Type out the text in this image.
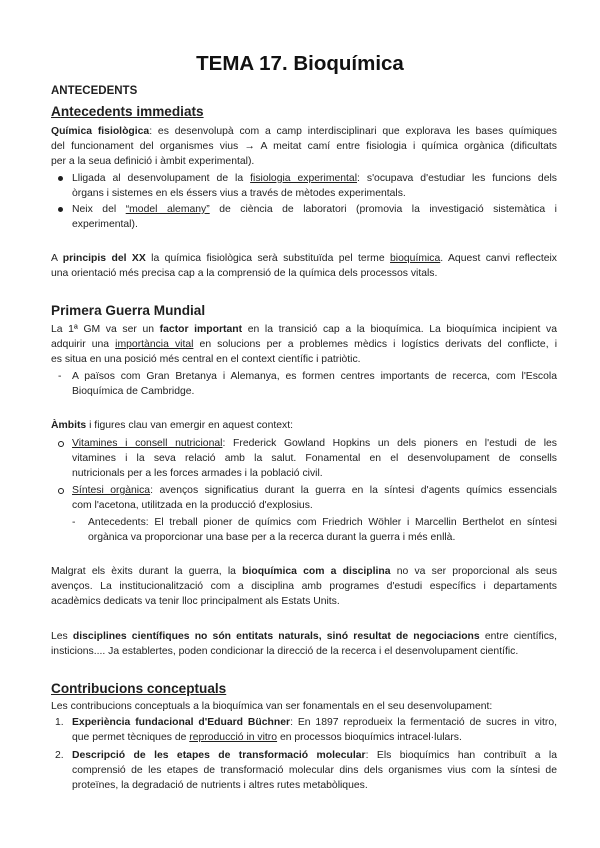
TEMA 17. Bioquímica
ANTECEDENTS
Antecedents immediats
Química fisiològica: es desenvolupà com a camp interdisciplinari que explorava les bases químiques
del funcionament del organismes vius → A meitat camí entre fisiologia i química orgànica (dificultats
per a la seua definició i àmbit experimental).
Lligada al desenvolupament de la fisiologia experimental: s'ocupava d'estudiar les funcions dels
òrgans i sistemes en els éssers vius a través de mètodes experimentals.
Neix del “model alemany” de ciència de laboratori (promovia la investigació sistemàtica i
experimental).
A principis del XX la química fisiològica serà substituïda pel terme bioquímica. Aquest canvi reflecteix
una orientació més precisa cap a la comprensió de la química dels processos vitals.
Primera Guerra Mundial
La 1ª GM va ser un factor important en la transició cap a la bioquímica. La bioquímica incipient va
adquirir una importància vital en solucions per a problemes mèdics i logístics derivats del conflicte, i
es situa en una posició més central en el context científic i patriòtic.
- A països com Gran Bretanya i Alemanya, es formen centres importants de recerca, com l'Escola
Bioquímica de Cambridge.
Àmbits i figures clau van emergir en aquest context:
Vitamines i consell nutricional: Frederick Gowland Hopkins un dels pioners en l'estudi de les
vitamines i la seva relació amb la salut. Fonamental en el desenvolupament de consells
nutricionals per a les forces armades i la població civil.
Síntesi orgànica: avenços significatius durant la guerra en la síntesi d'agents químics essencials
com l'acetona, utilitzada en la producció d'explosius.
- Antecedents: El treball pioner de químics com Friedrich Wöhler i Marcellin Berthelot en síntesi
orgànica va proporcionar una base per a la recerca durant la guerra i més enllà.
Malgrat els èxits durant la guerra, la bioquímica com a disciplina no va ser proporcional als seus
avenços. La institucionalització com a disciplina amb programes d'estudi específics i departaments
acadèmics dedicats va tenir lloc principalment als Estats Units.
Les disciplines científiques no són entitats naturals, sinó resultat de negociacions entre científics,
insticions.... Ja establertes, poden condicionar la direcció de la recerca i el desenvolupament científic.
Contribucions conceptuals
Les contribucions conceptuals a la bioquímica van ser fonamentals en el seu desenvolupament:
1. Experiència fundacional d'Eduard Büchner: En 1897 reprodueix la fermentació de sucres in vitro,
que permet tècniques de reproducció in vitro en processos bioquímics intracel·lulars.
2. Descripció de les etapes de transformació molecular: Els bioquímics han contribuït a la
comprensió de les etapes de transformació molecular dins dels organismes vius com la síntesi de
proteïnes, la degradació de nutrients i altres rutes metabòliques.
